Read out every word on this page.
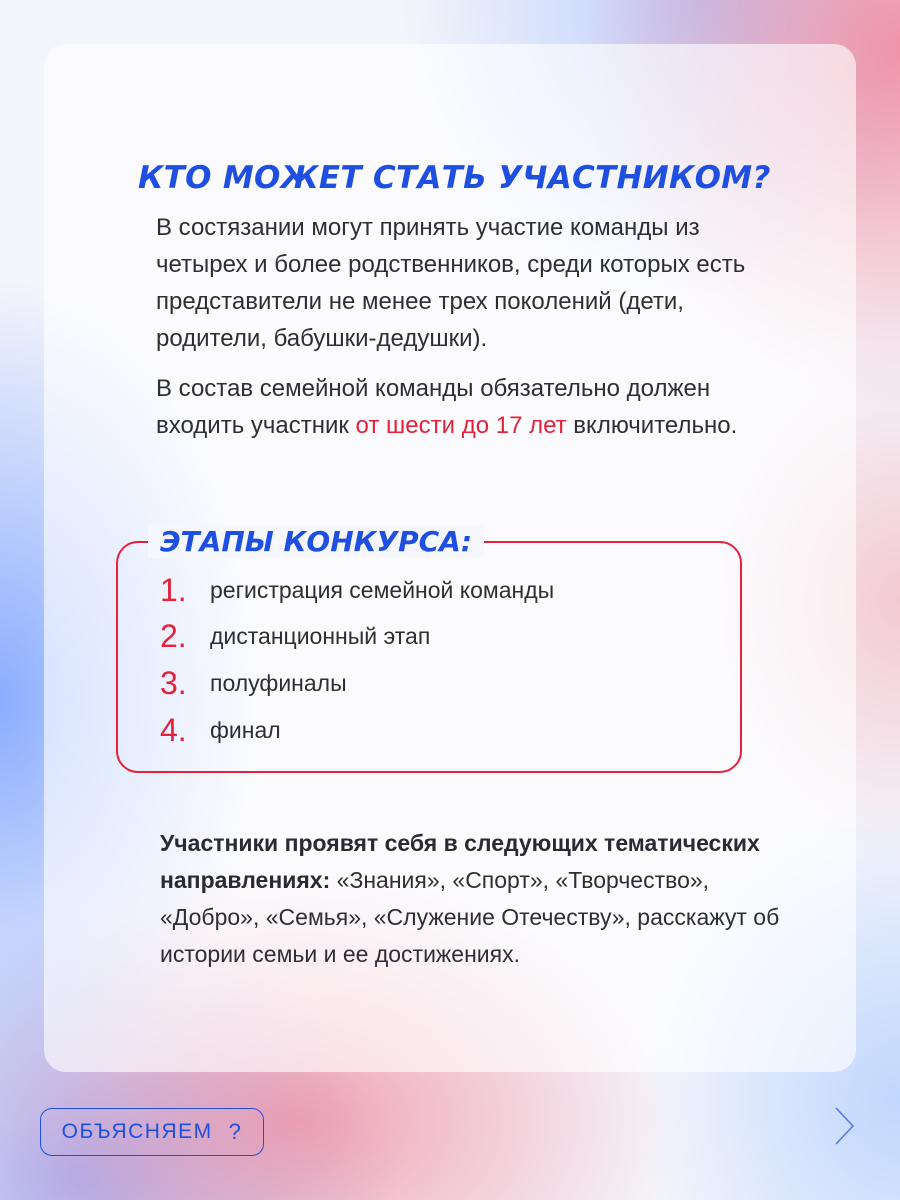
КТО МОЖЕТ СТАТЬ УЧАСТНИКОМ?
В состязании могут принять участие команды из четырех и более родственников, среди которых есть представители не менее трех поколений (дети, родители, бабушки-дедушки).
В состав семейной команды обязательно должен входить участник от шести до 17 лет включительно.
ЭТАПЫ КОНКУРСА:
1.	регистрация семейной команды
2.	дистанционный этап
3.	полуфиналы
4.	финал
Участники проявят себя в следующих тематических направлениях: «Знания», «Спорт», «Творчество», «Добро», «Семья», «Служение Отечеству», расскажут об истории семьи и ее достижениях.
ОБЪЯСНЯЕМ ?
